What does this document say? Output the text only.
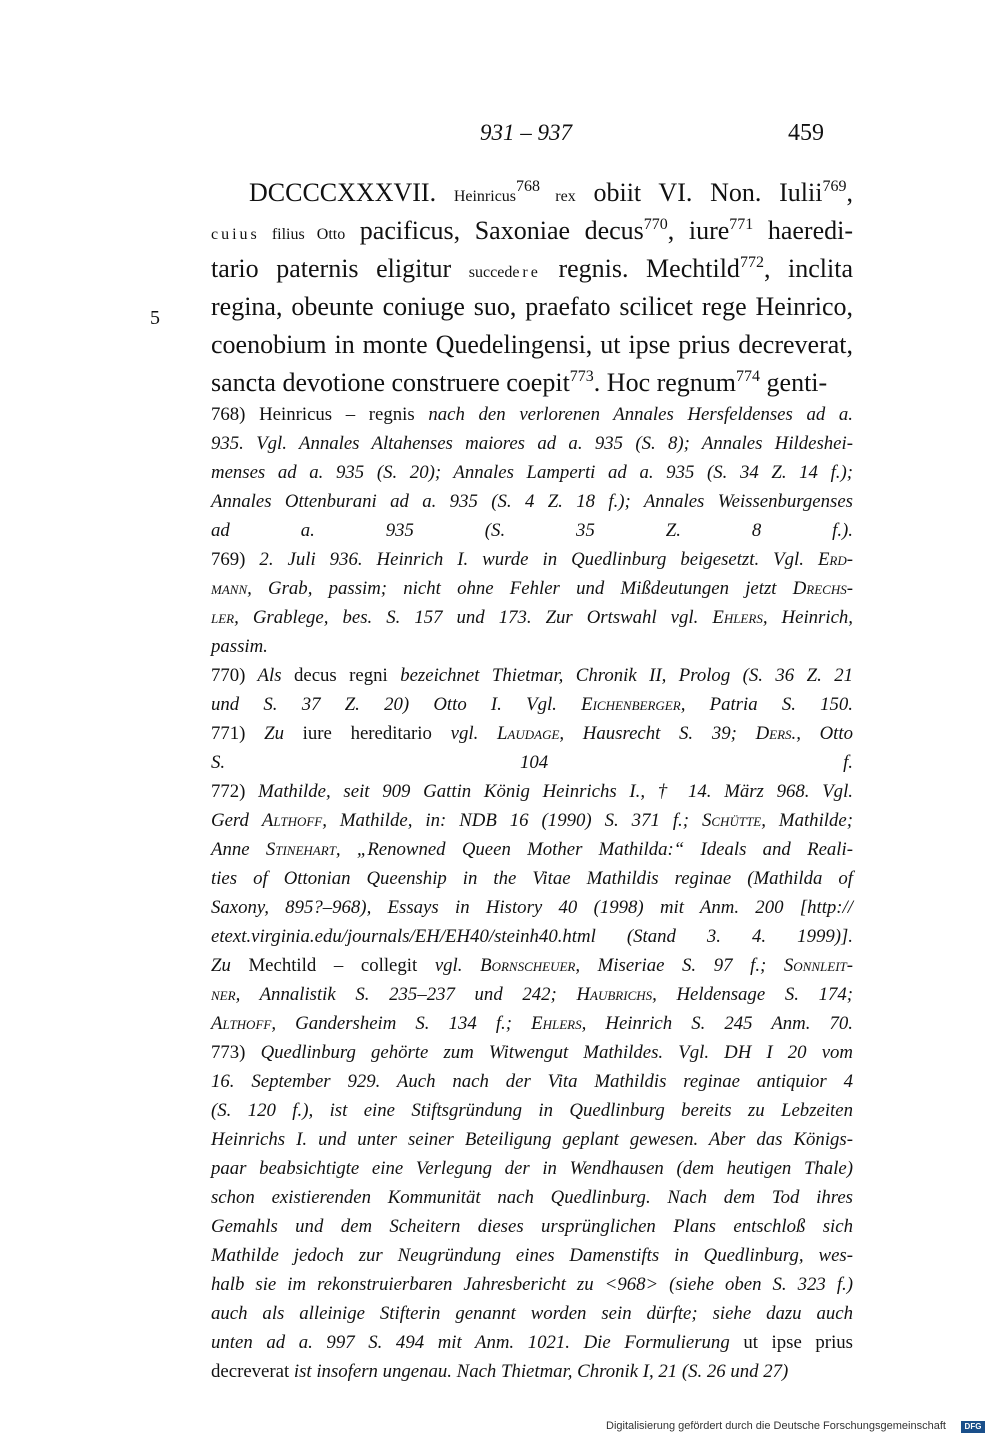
931 – 937	459
5
DCCCCXXXVII. Heinricus$^{768}$ rex obiit VI. Non. Iulii$^{769}$,
cuius filius Otto pacificus, Saxoniae decus$^{770}$, iure$^{771}$ haeredi-
tario paternis eligitur succedere regnis. Mechtild$^{772}$, inclita
regina, obeunte coniuge suo, praefato scilicet rege Heinrico,
coenobium in monte Quedelingensi, ut ipse prius decreverat,
sancta devotione construere coepit$^{773}$. Hoc regnum$^{774}$ genti-
768) Heinricus – regnis nach den verlorenen Annales Hersfeldenses ad a.
935. Vgl. Annales Altahenses maiores ad a. 935 (S. 8); Annales Hildeshei-
menses ad a. 935 (S. 20); Annales Lamperti ad a. 935 (S. 34 Z. 14 f.);
Annales Ottenburani ad a. 935 (S. 4 Z. 18 f.); Annales Weissenburgenses
ad a. 935 (S. 35 Z. 8 f.).
769) 2. Juli 936. Heinrich I. wurde in Quedlinburg beigesetzt. Vgl. Erd-
mann, Grab, passim; nicht ohne Fehler und Mißdeutungen jetzt Drechs-
ler, Grablege, bes. S. 157 und 173. Zur Ortswahl vgl. Ehlers, Heinrich,
passim.
770) Als decus regni bezeichnet Thietmar, Chronik II, Prolog (S. 36 Z. 21
und S. 37 Z. 20) Otto I. Vgl. Eichenberger, Patria S. 150.
771) Zu iure hereditario vgl. Laudage, Hausrecht S. 39; Ders., Otto
S. 104 f.
772) Mathilde, seit 909 Gattin König Heinrichs I., † 14. März 968. Vgl.
Gerd Althoff, Mathilde, in: NDB 16 (1990) S. 371 f.; Schütte, Mathilde;
Anne Stinehart, „Renowned Queen Mother Mathilda:“ Ideals and Reali-
ties of Ottonian Queenship in the Vitae Mathildis reginae (Mathilda of
Saxony, 895?–968), Essays in History 40 (1998) mit Anm. 200 [http://
etext.virginia.edu/journals/EH/EH40/steinh40.html (Stand 3. 4. 1999)].
Zu Mechtild – collegit vgl. Bornscheuer, Miseriae S. 97 f.; Sonnleit-
ner, Annalistik S. 235–237 und 242; Haubrichs, Heldensage S. 174;
Althoff, Gandersheim S. 134 f.; Ehlers, Heinrich S. 245 Anm. 70.
773) Quedlinburg gehörte zum Witwengut Mathildes. Vgl. DH I 20 vom
16. September 929. Auch nach der Vita Mathildis reginae antiquior 4
(S. 120 f.), ist eine Stiftsgründung in Quedlinburg bereits zu Lebzeiten
Heinrichs I. und unter seiner Beteiligung geplant gewesen. Aber das Königs-
paar beabsichtigte eine Verlegung der in Wendhausen (dem heutigen Thale)
schon existierenden Kommunität nach Quedlinburg. Nach dem Tod ihres
Gemahls und dem Scheitern dieses ursprünglichen Plans entschloß sich
Mathilde jedoch zur Neugründung eines Damenstifts in Quedlinburg, wes-
halb sie im rekonstruierbaren Jahresbericht zu <968> (siehe oben S. 323 f.)
auch als alleinige Stifterin genannt worden sein dürfte; siehe dazu auch
unten ad a. 997 S. 494 mit Anm. 1021. Die Formulierung ut ipse prius
decreverat ist insofern ungenau. Nach Thietmar, Chronik I, 21 (S. 26 und 27)
Digitalisierung gefördert durch die Deutsche Forschungsgemeinschaft	DFG
